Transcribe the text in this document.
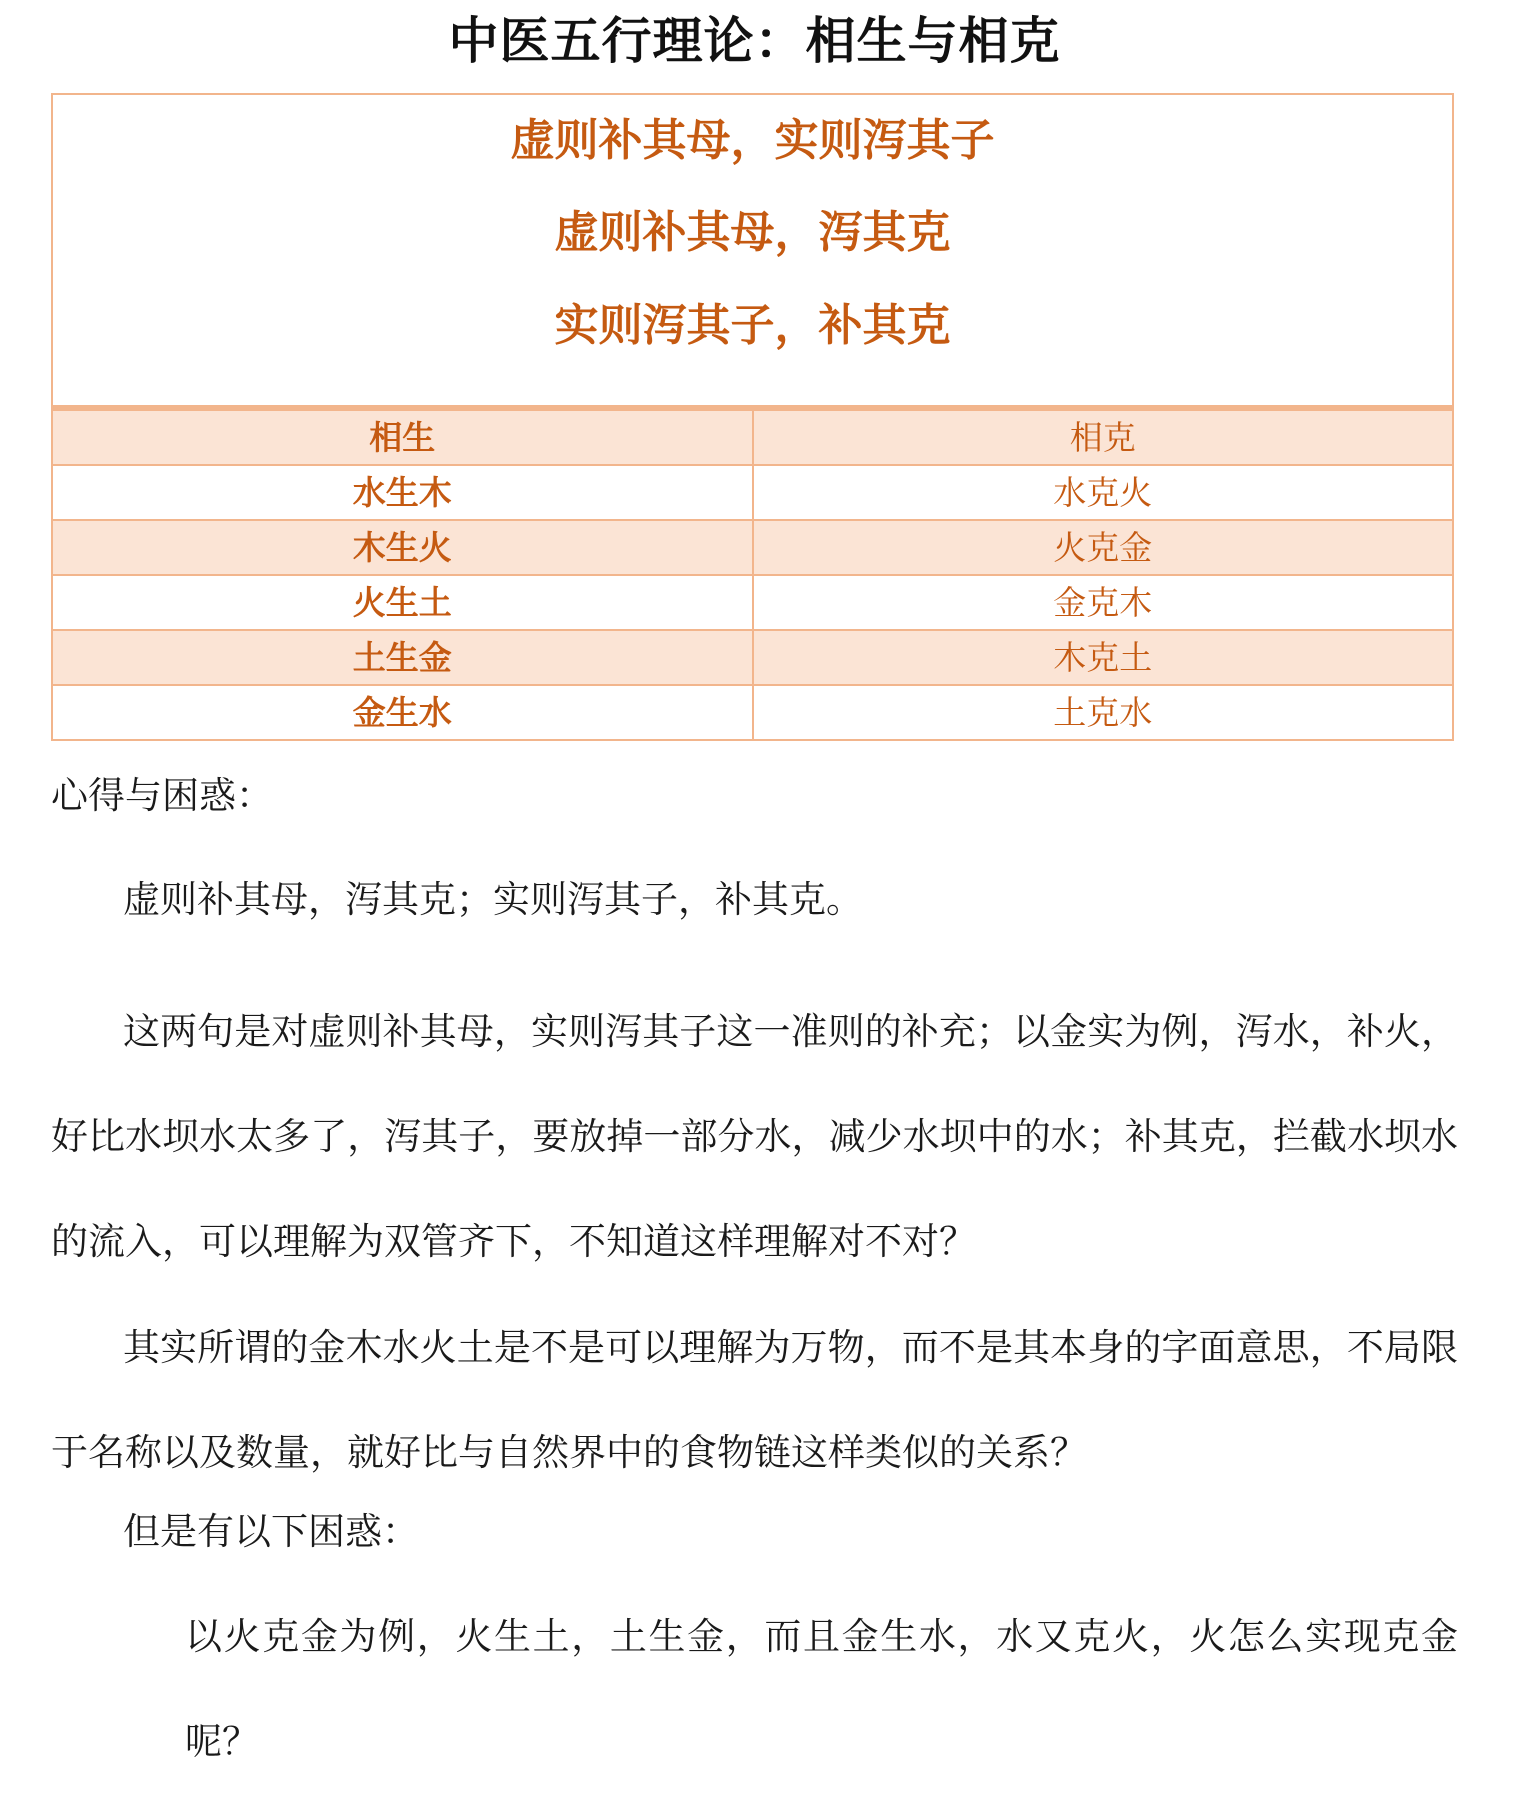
中医五行理论：相生与相克
虚则补其母，实则泻其子
虚则补其母，泻其克
实则泻其子，补其克
相生	相克
水生木	水克火
木生火	火克金
火生土	金克木
土生金	木克土
金生水	土克水

心得与困惑：

虚则补其母，泻其克；实则泻其子，补其克。

这两句是对虚则补其母，实则泻其子这一准则的补充；以金实为例，泻水，补火，好比水坝水太多了，泻其子，要放掉一部分水，减少水坝中的水；补其克，拦截水坝水的流入，可以理解为双管齐下，不知道这样理解对不对？

其实所谓的金木水火土是不是可以理解为万物，而不是其本身的字面意思，不局限于名称以及数量，就好比与自然界中的食物链这样类似的关系？

但是有以下困惑：

以火克金为例，火生土，土生金，而且金生水，水又克火，火怎么实现克金呢？
